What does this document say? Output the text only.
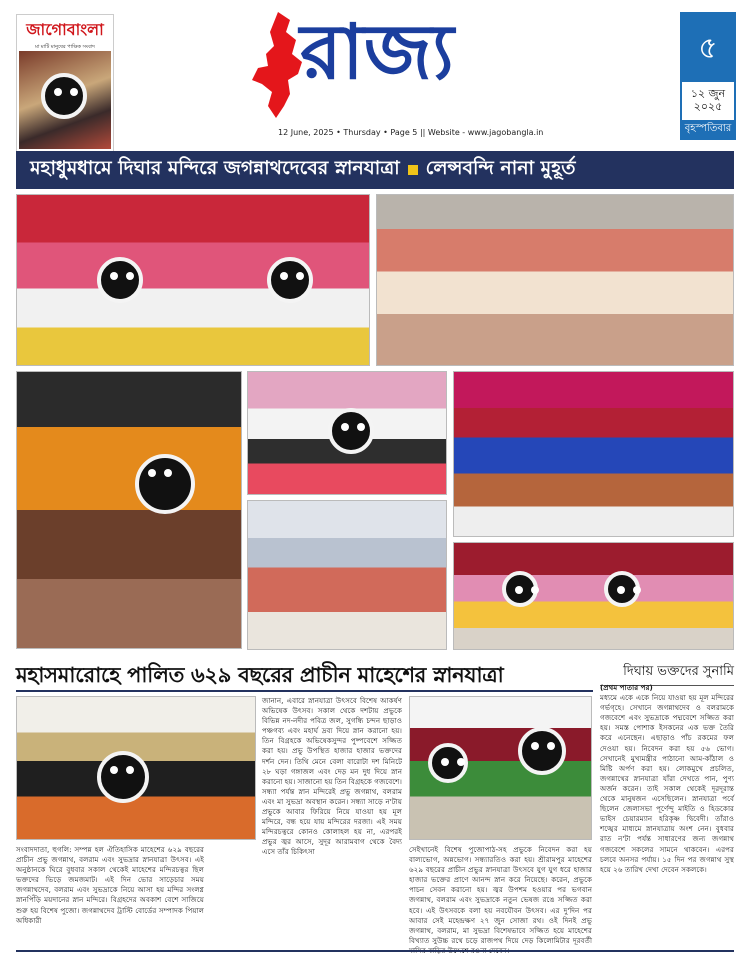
জাগোবাংলা
মা মাটি মানুষের পাক্ষিক সংবাদ	রাজ্য
12 June, 2025 • Thursday • Page 5 || Website - www.jagobangla.in
৫
১২ জুন
২০২৫
বৃহস্পতিবার
মহাধুমধামে দিঘার মন্দিরে জগন্নাথদেবের স্নানযাত্রা লেন্সবন্দি নানা মুহূর্ত
মহাসমারোহে পালিত ৬২৯ বছরের প্রাচীন মাহেশের স্নানযাত্রা
সংবাদদাতা, হুগলি: সম্পন্ন হল ঐতিহাসিক মাহেশের ৬২৯ বছরের প্রাচীন প্রভু জগন্নাথ, বলরাম এবং সুভদ্রার স্নানযাত্রা উৎসব। এই অনুষ্ঠানকে ঘিরে বুধবার সকাল থেকেই মাহেশের মন্দিরচত্বর ছিল ভক্তদের ভিড়ে জমজমাট। এই দিন ভোর সাড়েচার সময় জগন্নাথদেব, বলরাম এবং সুভদ্রাকে নিয়ে আসা হয় মন্দির সংলগ্ন স্নানপিঁড়ি ময়দানের স্নান মন্দিরে। বিগ্রহদের অবকাশ বেশে সাজিয়ে শুরু হয় বিশেষ পুজো। জগন্নাথদেব ট্রাস্টি বোর্ডের সম্পাদক পিয়াল অধিকারী
জানান, এবারে স্নানযাত্রা উৎসবে বিশেষ আকর্ষণ অভিষেক উৎসব। সকাল থেকে দশটায় প্রভুকে বিভিন্ন নদ-নদীর পবিত্র জল, সুগন্ধি চন্দন ছাড়াও পঞ্চগব্য এবং মহার্ঘ দ্রব্য দিয়ে স্নান করানো হয়। তিন বিগ্রহকে অভিষেকসুন্দর পুষ্পবেশে সজ্জিত করা হয়। প্রভু উপস্থিত হাজার হাজার ভক্তদের দর্শন দেন। তিথি মেনে বেলা বারোটা দশ মিনিটে ২৮ ঘড়া গঙ্গাজল এবং দেড় মন দুধ দিয়ে স্নান করানো হয়। সাজানো হয় তিন বিগ্রহকে গজবেশে। সন্ধ্যা পর্যন্ত স্নান মন্দিরেই প্রভু জগন্নাথ, বলরাম এবং মা সুভদ্রা অবস্থান করেন। সন্ধ্যা সাড়ে ন'টায় প্রভুকে আবার ফিরিয়ে নিয়ে যাওয়া হয় মূল মন্দিরে, বন্ধ হয়ে যায় মন্দিরের দরজা। এই সময় মন্দিরচত্বরে কোনও কোলাহল হয় না, এরপরই প্রভুর জ্বর আসে, সুদূর আরামবাগ থেকে বৈদ্য এসে তাঁর চিকিৎসা	সেইখানেই বিশেষ পুজোপাঠ-সহ প্রভুকে নিবেদন করা হয় বাল্যভোগ, অন্নভোগ। সন্ধ্যারতিও করা হয়। শ্রীরামপুর মাহেশের ৬২৯ বছরের প্রাচীন প্রভুর স্নানযাত্রা উৎসবে যুগ যুগ ধরে হাজার হাজার ভক্তের প্রাণে আনন্দ স্নান করে নিয়েছে। করেন, প্রভুকে পাচন সেবন করানো হয়। জ্বর উপশম হওয়ার পর ভগবান জগন্নাথ, বলরাম এবং সুভদ্রাকে নতুন ভেষজ রঙে সজ্জিত করা হবে। এই উৎসবকে বলা হয় নবযৌবন উৎসব। এর দু'দিন পর আবার সেই মহেন্দ্রক্ষণ ২৭ জুন সোজা রথ। ওই দিনই প্রভু জগন্নাথ, বলরাম, মা সুভদ্রা বিশেষভাবে সজ্জিত হয়ে মাহেশের বিখ্যাত সুউচ্চ রথে চড়ে রাজপথ দিয়ে দেড় কিলোমিটার দূরবর্তী
দিঘায় ভক্তদের সুনামি
(প্রথম পাতার পর)
মধ্যমে একে একে নিয়ে যাওয়া হয় মূল মন্দিরের গর্ভগৃহে। সেখানে জগন্নাথদেব ও বলরামকে গজবেশে এবং সুভদ্রাকে পদ্মবেশে সজ্জিত করা হয়। সমস্ত পোশাক ইসকনের এক ভক্ত তৈরি করে এনেছেন। এছাড়াও পাঁচ রকমের ফল দেওয়া হয়। নিবেদন করা হয় ৫৬ ভোগ। সেখানেই মুখ্যমন্ত্রীর পাঠানো আম-কাঁঠাল ও মিষ্টি অর্পণ করা হয়। লোকমুখে প্রচলিত, জগন্নাথের স্নানযাত্রা যাঁরা দেখতে পান, পুণ্য অর্জন করেন। তাই সকাল থেকেই দূরদূরান্ত থেকে মানুষজন এসেছিলেন। স্নানযাত্রা পর্বে ছিলেন জেলাসভা পূর্ণেন্দু মাইতি ও হিডকোর ভাইস চেয়ারম্যান হরিকৃষ্ণ দ্বিবেদী। তাঁরাও শঙ্খের মাধ্যমে স্নানযাত্রায় অংশ নেন। বুধবার রাত ন'টা পর্যন্ত সাধারণের জন্য জগন্নাথ গজবেশে সকলের সামনে থাকবেন। এরপর চলবে অনসর পর্যায়। ১৫ দিন পর জগন্নাথ সুস্থ হয়ে ২৬ তারিখ দেখা দেবেন সকলকে।
